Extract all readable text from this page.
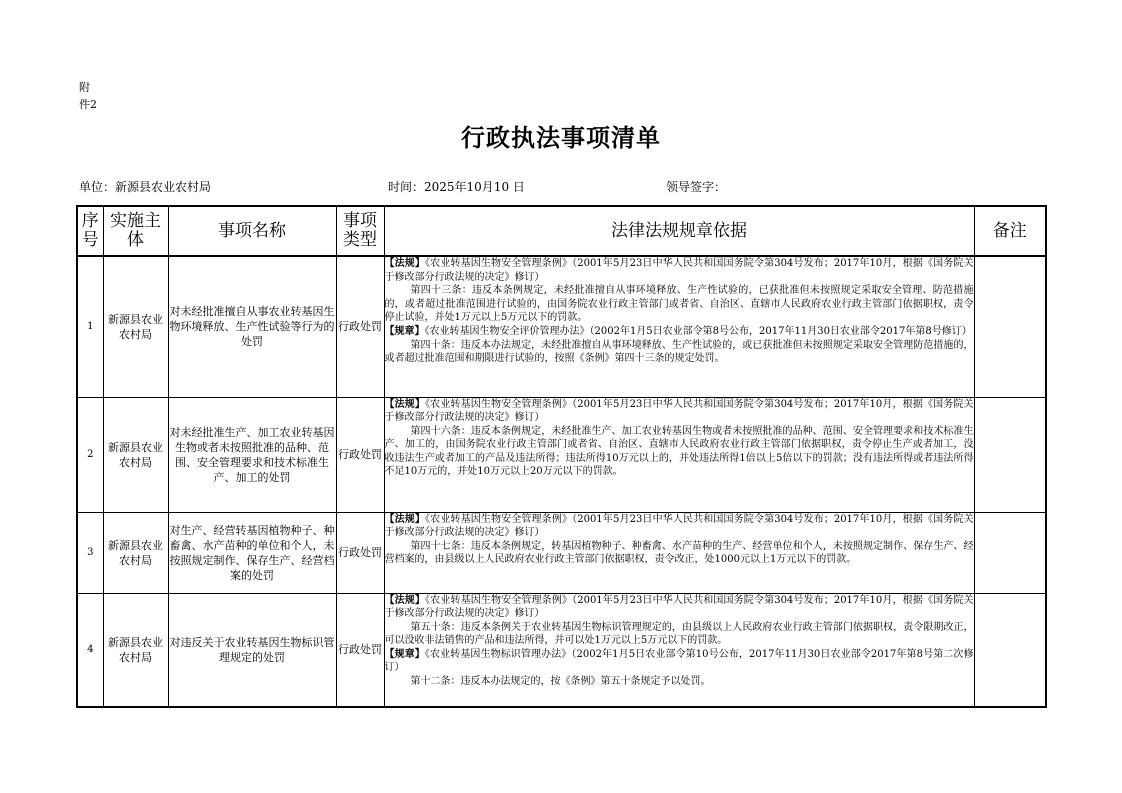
附
件2
行政执法事项清单
单位：新源县农业农村局	时间：2025年10月10 日	领导签字：
序号	实施主体	事项名称	事项类型	法律法规规章依据	备注
1	新源县农业农村局	对未经批准擅自从事农业转基因生物环境释放、生产性试验等行为的处罚	行政处罚	【法规】《农业转基因生物安全管理条例》（2001年5月23日中华人民共和国国务院令第304号发布；2017年10月，根据《国务院关于修改部分行政法规的决定》修订）

第四十三条：违反本条例规定，未经批准擅自从事环境释放、生产性试验的，已获批准但未按照规定采取安全管理、防范措施的，或者超过批准范围进行试验的，由国务院农业行政主管部门或者省、自治区、直辖市人民政府农业行政主管部门依据职权，责令停止试验，并处1万元以上5万元以下的罚款。

【规章】《农业转基因生物安全评价管理办法》（2002年1月5日农业部令第8号公布，2017年11月30日农业部令2017年第8号修订）

第四十条：违反本办法规定，未经批准擅自从事环境释放、生产性试验的，或已获批准但未按照规定采取安全管理防范措施的，或者超过批准范围和期限进行试验的，按照《条例》第四十三条的规定处罚。	

2	新源县农业农村局	对未经批准生产、加工农业转基因生物或者未按照批准的品种、范围、安全管理要求和技术标准生产、加工的处罚	行政处罚	【法规】《农业转基因生物安全管理条例》（2001年5月23日中华人民共和国国务院令第304号发布；2017年10月，根据《国务院关于修改部分行政法规的决定》修订）

第四十六条：违反本条例规定，未经批准生产、加工农业转基因生物或者未按照批准的品种、范围、安全管理要求和技术标准生产、加工的，由国务院农业行政主管部门或者省、自治区、直辖市人民政府农业行政主管部门依据职权，责令停止生产或者加工，没收违法生产或者加工的产品及违法所得；违法所得10万元以上的，并处违法所得1倍以上5倍以下的罚款；没有违法所得或者违法所得不足10万元的，并处10万元以上20万元以下的罚款。	

3	新源县农业农村局	对生产、经营转基因植物种子、种畜禽、水产苗种的单位和个人，未按照规定制作、保存生产、经营档案的处罚	行政处罚	【法规】《农业转基因生物安全管理条例》（2001年5月23日中华人民共和国国务院令第304号发布；2017年10月，根据《国务院关于修改部分行政法规的决定》修订）

第四十七条：违反本条例规定，转基因植物种子、种畜禽、水产苗种的生产、经营单位和个人，未按照规定制作、保存生产、经营档案的，由县级以上人民政府农业行政主管部门依据职权，责令改正，处1000元以上1万元以下的罚款。	

4	新源县农业农村局	对违反关于农业转基因生物标识管理规定的处罚	行政处罚	【法规】《农业转基因生物安全管理条例》（2001年5月23日中华人民共和国国务院令第304号发布；2017年10月，根据《国务院关于修改部分行政法规的决定》修订）

第五十条：违反本条例关于农业转基因生物标识管理规定的，由县级以上人民政府农业行政主管部门依据职权，责令限期改正，可以没收非法销售的产品和违法所得，并可以处1万元以上5万元以下的罚款。

【规章】《农业转基因生物标识管理办法》（2002年1月5日农业部令第10号公布，2017年11月30日农业部令2017年第8号第二次修订）

第十二条：违反本办法规定的，按《条例》第五十条规定予以处罚。	
